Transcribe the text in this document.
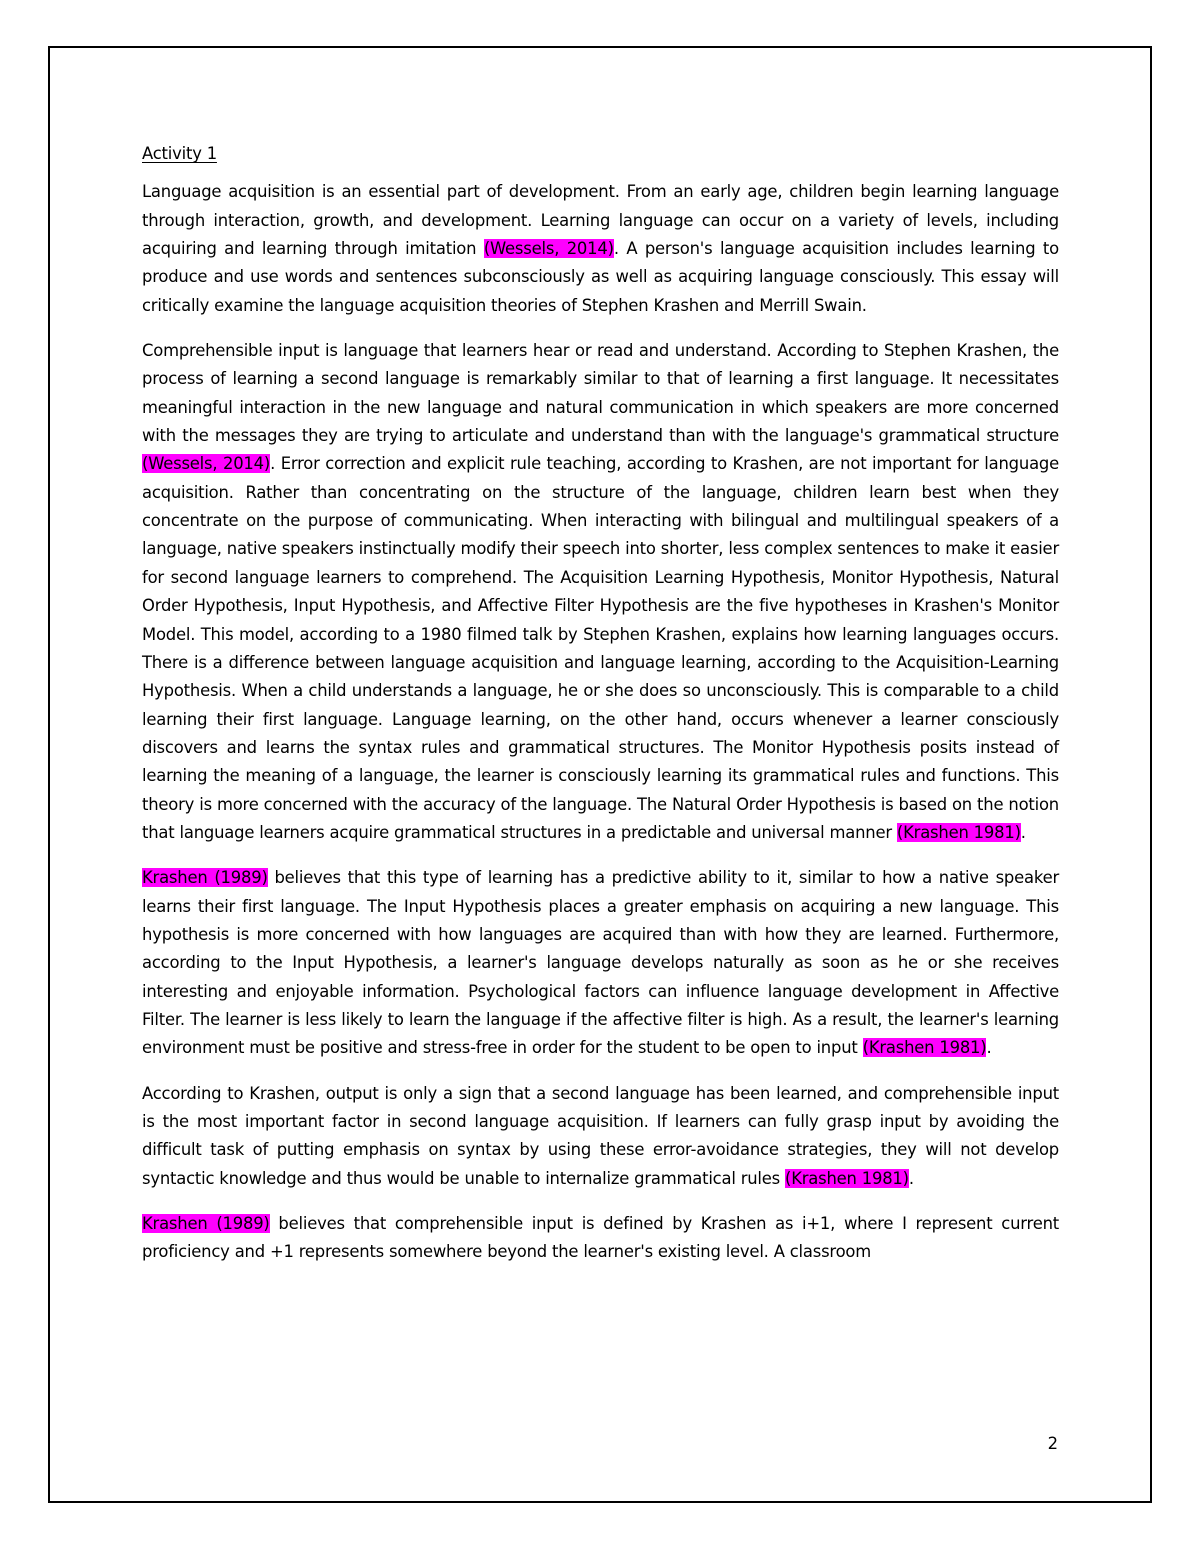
Activity 1

Language acquisition is an essential part of development. From an early age, children begin learning language through interaction, growth, and development. Learning language can occur on a variety of levels, including acquiring and learning through imitation (Wessels, 2014). A person's language acquisition includes learning to produce and use words and sentences subconsciously as well as acquiring language consciously. This essay will critically examine the language acquisition theories of Stephen Krashen and Merrill Swain.

Comprehensible input is language that learners hear or read and understand. According to Stephen Krashen, the process of learning a second language is remarkably similar to that of learning a first language. It necessitates meaningful interaction in the new language and natural communication in which speakers are more concerned with the messages they are trying to articulate and understand than with the language's grammatical structure (Wessels, 2014). Error correction and explicit rule teaching, according to Krashen, are not important for language acquisition. Rather than concentrating on the structure of the language, children learn best when they concentrate on the purpose of communicating. When interacting with bilingual and multilingual speakers of a language, native speakers instinctually modify their speech into shorter, less complex sentences to make it easier for second language learners to comprehend. The Acquisition Learning Hypothesis, Monitor Hypothesis, Natural Order Hypothesis, Input Hypothesis, and Affective Filter Hypothesis are the five hypotheses in Krashen's Monitor Model. This model, according to a 1980 filmed talk by Stephen Krashen, explains how learning languages occurs. There is a difference between language acquisition and language learning, according to the Acquisition-Learning Hypothesis. When a child understands a language, he or she does so unconsciously. This is comparable to a child learning their first language. Language learning, on the other hand, occurs whenever a learner consciously discovers and learns the syntax rules and grammatical structures. The Monitor Hypothesis posits instead of learning the meaning of a language, the learner is consciously learning its grammatical rules and functions. This theory is more concerned with the accuracy of the language. The Natural Order Hypothesis is based on the notion that language learners acquire grammatical structures in a predictable and universal manner (Krashen 1981).

Krashen (1989) believes that this type of learning has a predictive ability to it, similar to how a native speaker learns their first language. The Input Hypothesis places a greater emphasis on acquiring a new language. This hypothesis is more concerned with how languages are acquired than with how they are learned. Furthermore, according to the Input Hypothesis, a learner's language develops naturally as soon as he or she receives interesting and enjoyable information. Psychological factors can influence language development in Affective Filter. The learner is less likely to learn the language if the affective filter is high. As a result, the learner's learning environment must be positive and stress-free in order for the student to be open to input (Krashen 1981).

According to Krashen, output is only a sign that a second language has been learned, and comprehensible input is the most important factor in second language acquisition. If learners can fully grasp input by avoiding the difficult task of putting emphasis on syntax by using these error-avoidance strategies, they will not develop syntactic knowledge and thus would be unable to internalize grammatical rules (Krashen 1981).

Krashen (1989) believes that comprehensible input is defined by Krashen as i+1, where I represent current proficiency and +1 represents somewhere beyond the learner's existing level. A classroom

2
